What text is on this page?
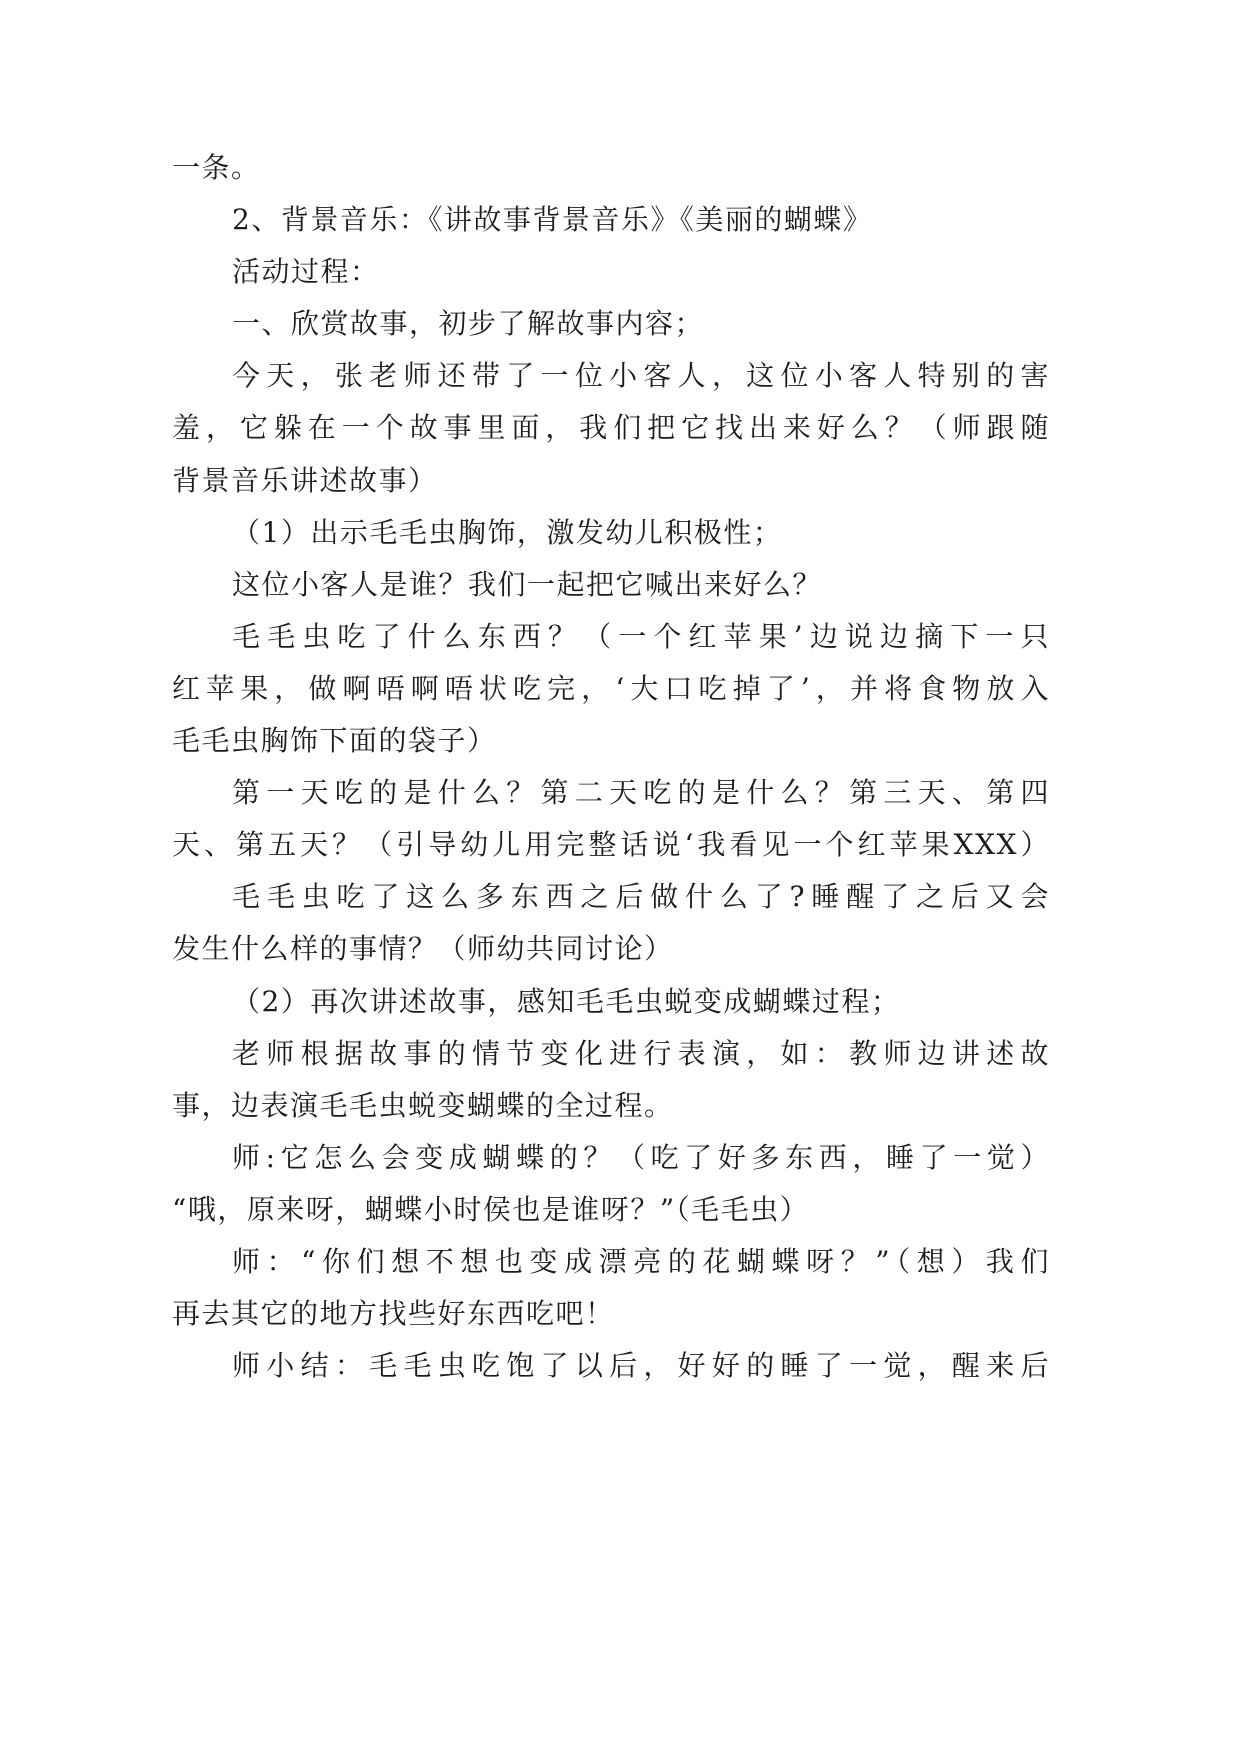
一条。
2、背景音乐：《讲故事背景音乐》《美丽的蝴蝶》
活动过程：
一、欣赏故事，初步了解故事内容；
今天，张老师还带了一位小客人，这位小客人特别的害
羞，它躲在一个故事里面，我们把它找出来好么？（师跟随
背景音乐讲述故事）
（1）出示毛毛虫胸饰，激发幼儿积极性；
这位小客人是谁？我们一起把它喊出来好么？
毛毛虫吃了什么东西？（一个红苹果’边说边摘下一只
红苹果，做啊唔啊唔状吃完，‘大口吃掉了’，并将食物放入
毛毛虫胸饰下面的袋子）
第一天吃的是什么？第二天吃的是什么？第三天、第四
天、第五天？（引导幼儿用完整话说‘我看见一个红苹果XXX）
毛毛虫吃了这么多东西之后做什么了?睡醒了之后又会
发生什么样的事情？（师幼共同讨论）
（2）再次讲述故事，感知毛毛虫蜕变成蝴蝶过程；
老师根据故事的情节变化进行表演，如：教师边讲述故
事，边表演毛毛虫蜕变蝴蝶的全过程。
师:它怎么会变成蝴蝶的？（吃了好多东西，睡了一觉）
“哦，原来呀，蝴蝶小时侯也是谁呀？”（毛毛虫）
师：“你们想不想也变成漂亮的花蝴蝶呀？”（想）我们
再去其它的地方找些好东西吃吧！
师小结：毛毛虫吃饱了以后，好好的睡了一觉，醒来后
